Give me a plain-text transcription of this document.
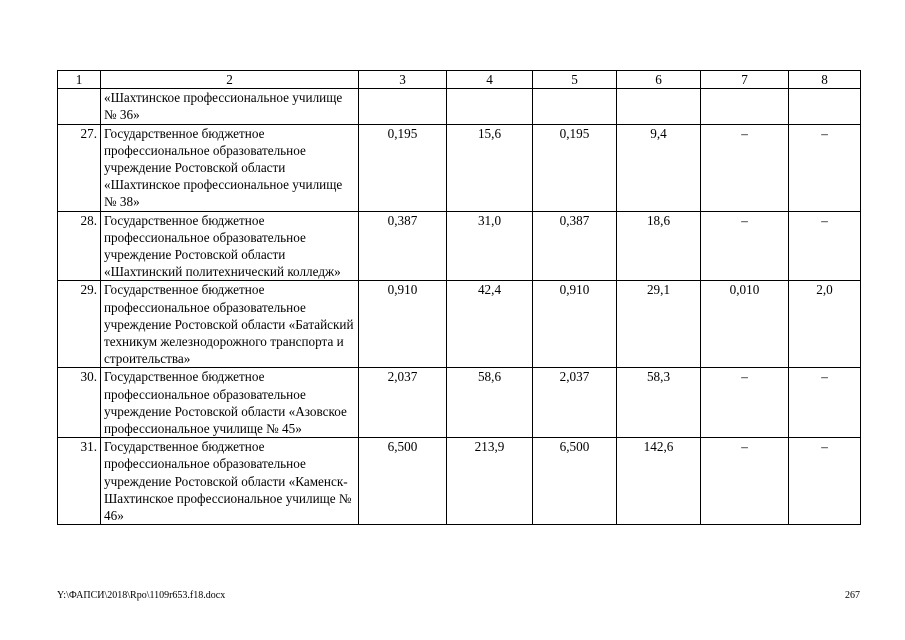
1	2	3	4	5	6	7	8
	«Шахтинское профессиональное училище № 36»						
27.	Государственное бюджетное профессиональное образовательное учреждение Ростовской области «Шахтинское профессиональное училище № 38»	0,195	15,6	0,195	9,4	–	–
28.	Государственное бюджетное профессиональное образовательное учреждение Ростовской области «Шахтинский политехнический колледж»	0,387	31,0	0,387	18,6	–	–
29.	Государственное бюджетное профессиональное образовательное учреждение Ростовской области «Батайский техникум железнодорожного транспорта и строительства»	0,910	42,4	0,910	29,1	0,010	2,0
30.	Государственное бюджетное профессиональное образовательное учреждение Ростовской области «Азовское профессиональное училище № 45»	2,037	58,6	2,037	58,3	–	–
31.	Государственное бюджетное профессиональное образовательное учреждение Ростовской области «Каменск-Шахтинское профессиональное училище № 46»	6,500	213,9	6,500	142,6	–	–
Y:\ФАПСИ\2018\Rpo\1109r653.f18.docx	267
